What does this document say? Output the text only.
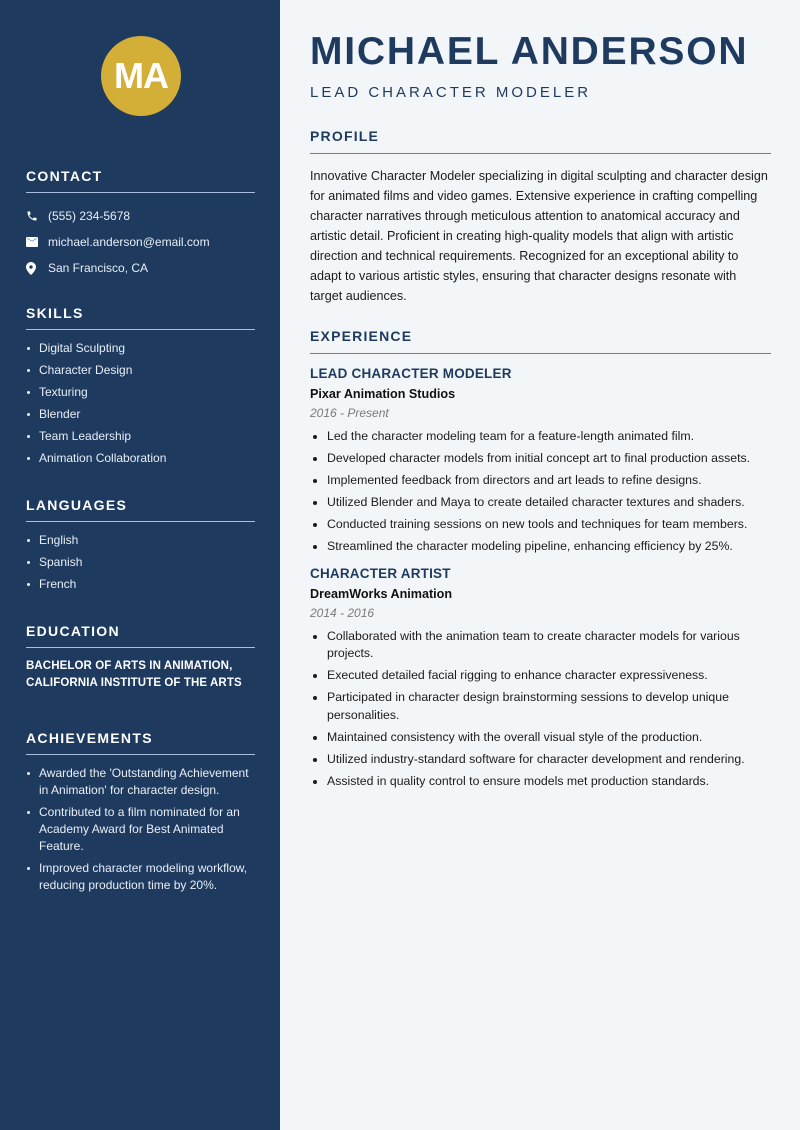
MA
CONTACT
(555) 234-5678
michael.anderson@email.com
San Francisco, CA
SKILLS
Digital Sculpting
Character Design
Texturing
Blender
Team Leadership
Animation Collaboration
LANGUAGES
English
Spanish
French
EDUCATION

BACHELOR OF ARTS IN ANIMATION, CALIFORNIA INSTITUTE OF THE ARTS

ACHIEVEMENTS
Awarded the 'Outstanding Achievement in Animation' for character design.
Contributed to a film nominated for an Academy Award for Best Animated Feature.
Improved character modeling workflow, reducing production time by 20%.
MICHAEL ANDERSON
LEAD CHARACTER MODELER
PROFILE

Innovative Character Modeler specializing in digital sculpting and character design for animated films and video games. Extensive experience in crafting compelling character narratives through meticulous attention to anatomical accuracy and artistic detail. Proficient in creating high-quality models that align with artistic direction and technical requirements. Recognized for an exceptional ability to adapt to various artistic styles, ensuring that character designs resonate with target audiences.

EXPERIENCE
LEAD CHARACTER MODELER
Pixar Animation Studios
2016 - Present
Led the character modeling team for a feature-length animated film.
Developed character models from initial concept art to final production assets.
Implemented feedback from directors and art leads to refine designs.
Utilized Blender and Maya to create detailed character textures and shaders.
Conducted training sessions on new tools and techniques for team members.
Streamlined the character modeling pipeline, enhancing efficiency by 25%.
CHARACTER ARTIST
DreamWorks Animation
2014 - 2016
Collaborated with the animation team to create character models for various projects.
Executed detailed facial rigging to enhance character expressiveness.
Participated in character design brainstorming sessions to develop unique personalities.
Maintained consistency with the overall visual style of the production.
Utilized industry-standard software for character development and rendering.
Assisted in quality control to ensure models met production standards.
